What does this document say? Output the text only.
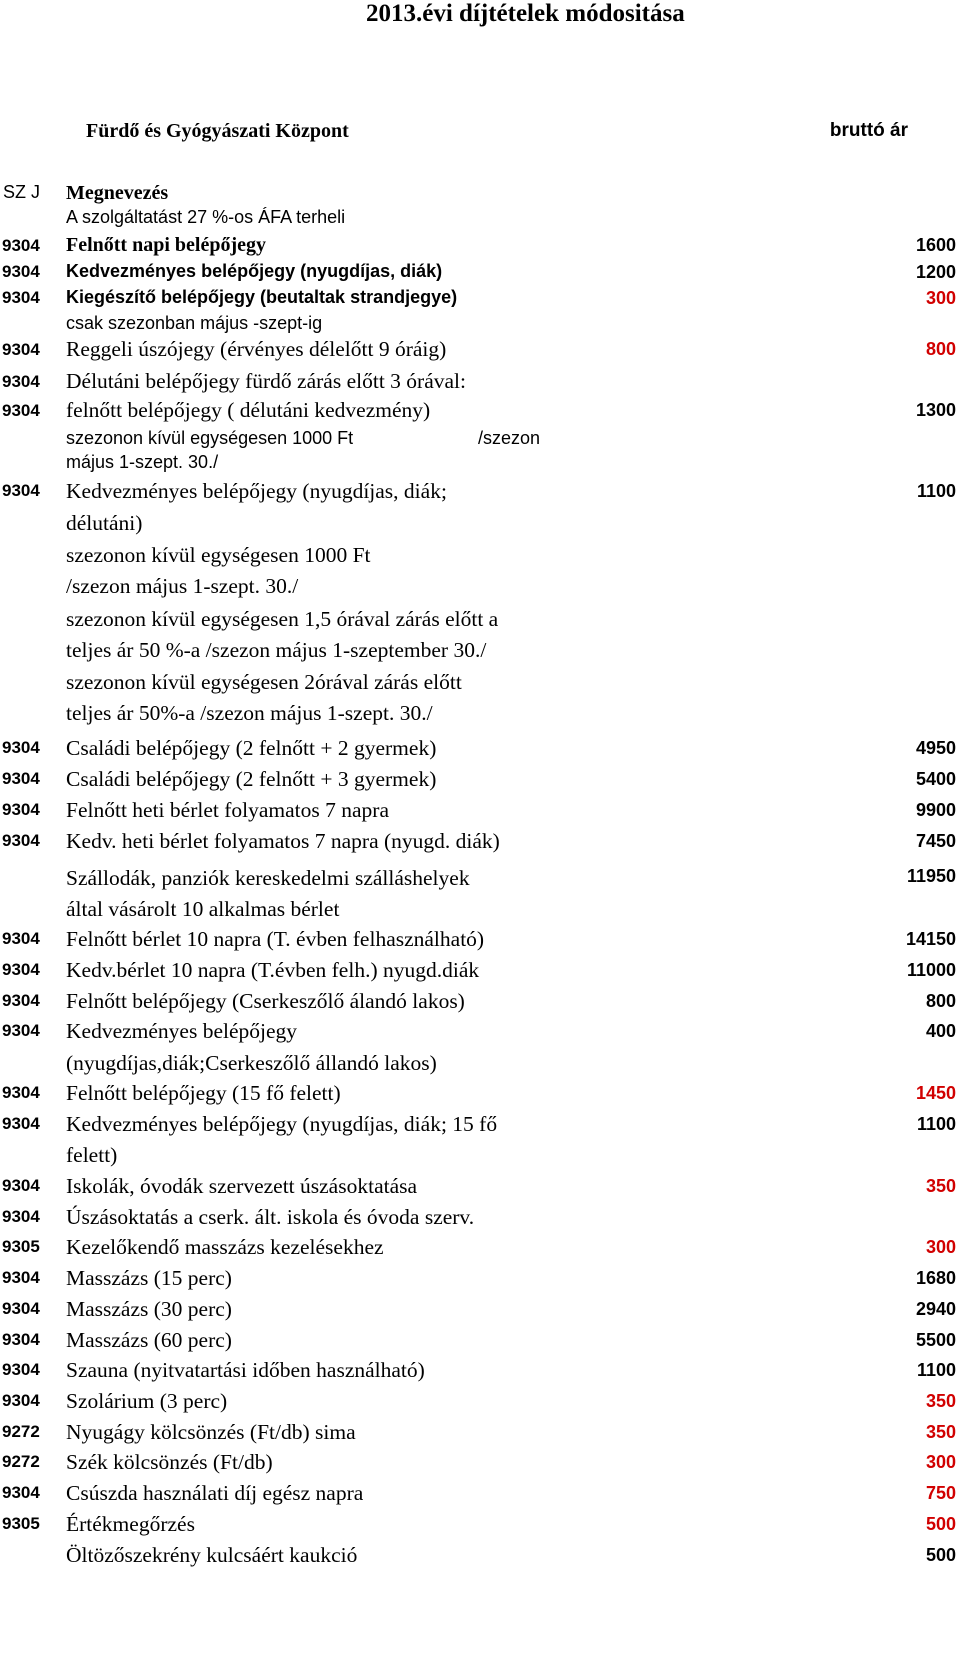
2013.évi díjtételek módositása
Fürdő és Gyógyászati Központ	bruttó ár
SZ J Megnevezés
A szolgáltatást 27 %-os ÁFA terheli
9304 Felnőtt napi belépőjegy	1600
9304 Kedvezményes belépőjegy (nyugdíjas, diák)	1200
9304 Kiegészítő belépőjegy (beutaltak strandjegye)	300
csak szezonban május -szept-ig
9304 Reggeli úszójegy (érvényes délelőtt 9 óráig)	800
9304 Délutáni belépőjegy fürdő zárás előtt 3 órával:
9304 felnőtt belépőjegy ( délutáni kedvezmény)	1300
szezonon kívül egységesen 1000 Ft	/szezon
május 1-szept. 30./
9304 Kedvezményes belépőjegy (nyugdíjas, diák;	1100
délutáni)
szezonon kívül egységesen 1000 Ft
/szezon május 1-szept. 30./
szezonon kívül egységesen 1,5 órával zárás előtt a
teljes ár 50 %-a /szezon május 1-szeptember 30./
szezonon kívül egységesen 2órával zárás előtt
teljes ár 50%-a /szezon május 1-szept. 30./
9304 Családi belépőjegy (2 felnőtt + 2 gyermek)	4950
9304 Családi belépőjegy (2 felnőtt + 3 gyermek)	5400
9304 Felnőtt heti bérlet folyamatos 7 napra	9900
9304 Kedv. heti bérlet folyamatos 7 napra (nyugd. diák)	7450
Szállodák, panziók kereskedelmi szálláshelyek	11950
által vásárolt 10 alkalmas bérlet
9304 Felnőtt bérlet 10 napra (T. évben felhasználható)	14150
9304 Kedv.bérlet 10 napra (T.évben felh.) nyugd.diák	11000
9304 Felnőtt belépőjegy (Cserkeszőlő álandó lakos)	800
9304 Kedvezményes belépőjegy	400
(nyugdíjas,diák;Cserkeszőlő állandó lakos)
9304 Felnőtt belépőjegy (15 fő felett)	1450
9304 Kedvezményes belépőjegy (nyugdíjas, diák; 15 fő	1100
felett)
9304 Iskolák, óvodák szervezett úszásoktatása	350
9304 Úszásoktatás a cserk. ált. iskola és óvoda szerv.
9305 Kezelőkendő masszázs kezelésekhez	300
9304 Masszázs (15 perc)	1680
9304 Masszázs (30 perc)	2940
9304 Masszázs (60 perc)	5500
9304 Szauna (nyitvatartási időben használható)	1100
9304 Szolárium (3 perc)	350
9272 Nyugágy kölcsönzés (Ft/db) sima	350
9272 Szék kölcsönzés (Ft/db)	300
9304 Csúszda használati díj egész napra	750
9305 Értékmegőrzés	500
Öltözőszekrény kulcsáért kaukció	500
